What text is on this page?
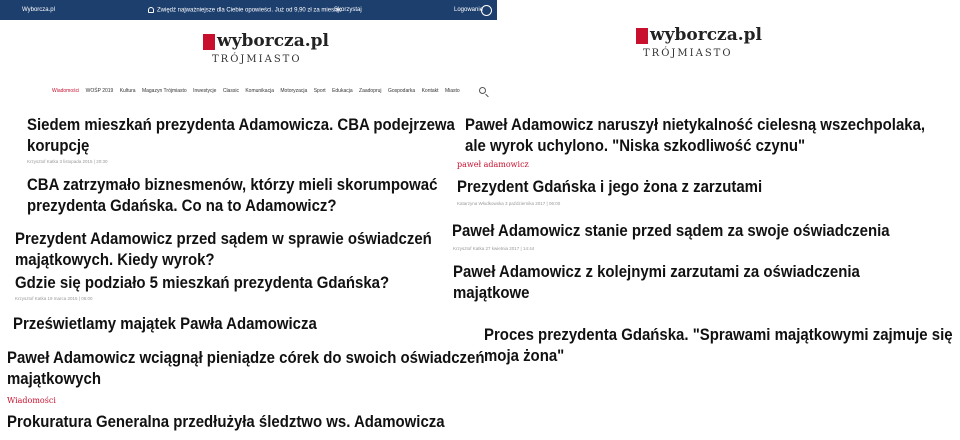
Wyborcza.pl	Zwiędź najważniejsze dla Ciebie opowieści. Już od 9,90 zł za miesiąc
Skorzystaj	Logowanie
wyborcza.pl
TRÓJMIASTO
Wiadomości WOŚP 2019 Kultura Magazyn Trójmiasto Inwestycje Classic Komunikacja Motoryzacja Sport Edukacja Zaadopruj Gospodarka Kontakt Miasto
wyborcza.pl
TRÓJMIASTO
Siedem mieszkań prezydenta Adamowicza. CBA podejrzewa
korupcję
Krzysztof Katka 3 listopada 2015 | 20:30
CBA zatrzymało biznesmenów, którzy mieli skorumpować
prezydenta Gdańska. Co na to Adamowicz?
Prezydent Adamowicz przed sądem w sprawie oświadczeń
majątkowych. Kiedy wyrok?
Gdzie się podziało 5 mieszkań prezydenta Gdańska?
Krzysztof Katka 19 marca 2015 | 06:00
Prześwietlamy majątek Pawła Adamowicza
Paweł Adamowicz wciągnął pieniądze córek do swoich oświadczeń
majątkowych
Wiadomości
Prokuratura Generalna przedłużyła śledztwo ws. Adamowicza
Paweł Adamowicz naruszył nietykalność cielesną wszechpolaka,
ale wyrok uchylono. "Niska szkodliwość czynu"
paweł adamowicz
Prezydent Gdańska i jego żona z zarzutami
Katarzyna Włodkowska 3 października 2017 | 06:00
Paweł Adamowicz stanie przed sądem za swoje oświadczenia
Krzysztof Katka 27 kwietnia 2017 | 14:44
Paweł Adamowicz z kolejnymi zarzutami za oświadczenia
majątkowe
Proces prezydenta Gdańska. "Sprawami majątkowymi zajmuje się
moja żona"
